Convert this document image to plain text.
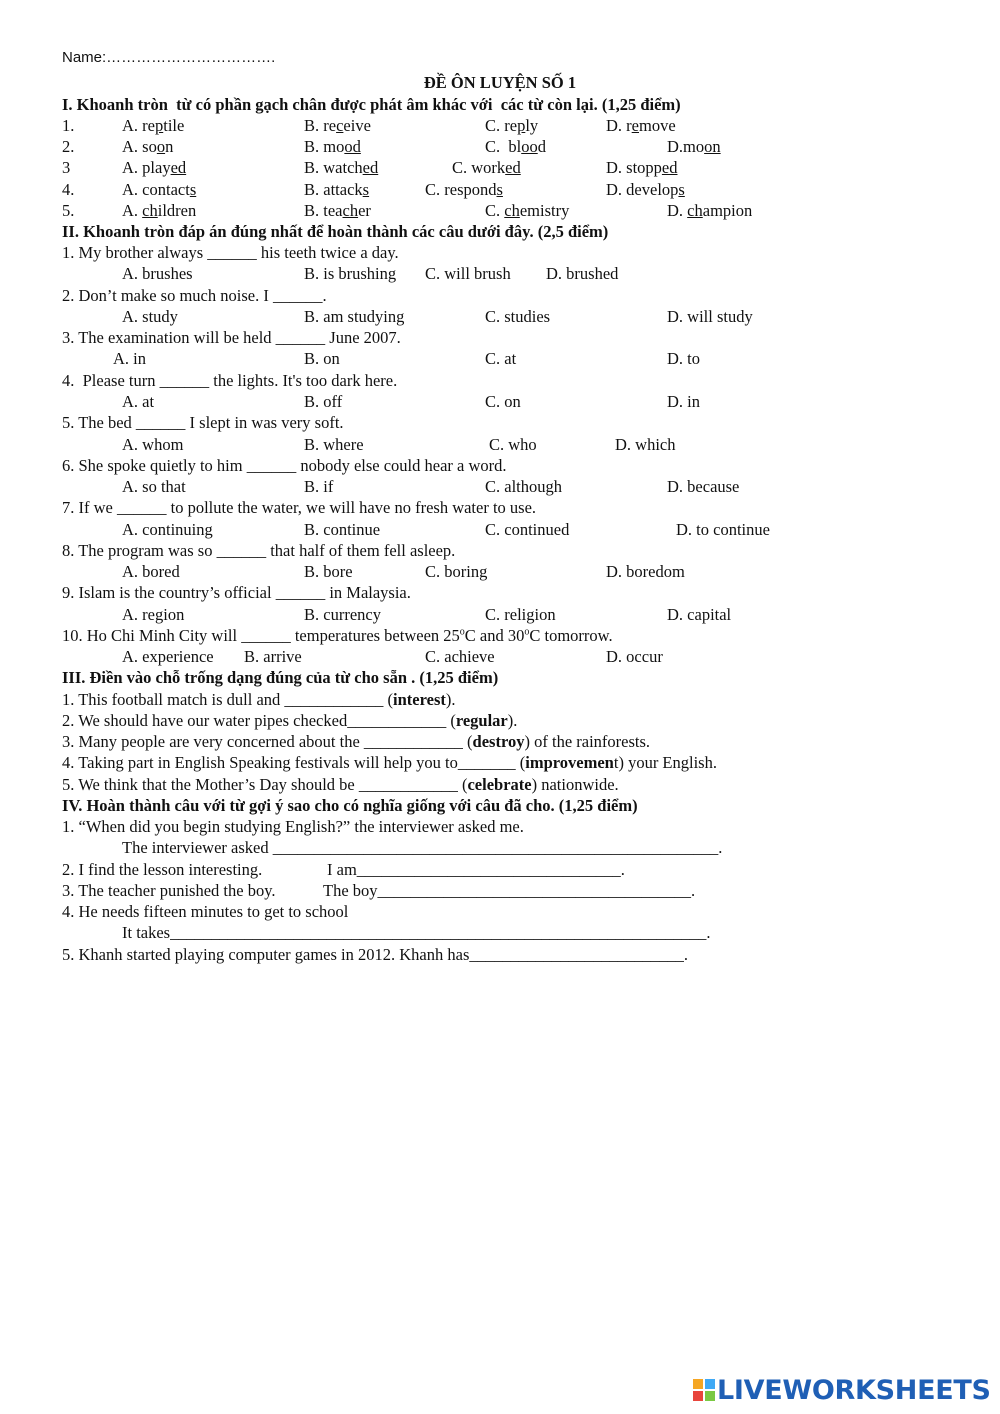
Name:…………………………….
ĐỀ ÔN LUYỆN SỐ 1
I. Khoanh tròn  từ có phần gạch chân được phát âm khác với  các từ còn lại. (1,25 điểm)
1.	A. reptile	B. receive	C. reply	D. remove
2.	A. soon	B. mood	C.  blood	D.moon
3	A. played	B. watched	C. worked	D. stopped
4.	A. contacts	B. attacks	C. responds	D. develops
5.	A. children	B. teacher	C. chemistry	D. champion
II. Khoanh tròn đáp án đúng nhất để hoàn thành các câu dưới đây. (2,5 điểm)
1. My brother always ______ his teeth twice a day.
A. brushes	B. is brushing C. will brush D. brushed
2. Don’t make so much noise. I ______.
A. study	B. am studying	C. studies	D. will study
3. The examination will be held ______ June 2007.
A. in	B. on	C. at	D. to
4.  Please turn ______ the lights. It's too dark here.
A. at	B. off	C. on	D. in
5. The bed ______ I slept in was very soft.
A. whom	B. where	C. who	D. which
6. She spoke quietly to him ______ nobody else could hear a word.
A. so that	B. if	C. although	D. because
7. If we ______ to pollute the water, we will have no fresh water to use.
A. continuing	B. continue	C. continued	D. to continue
8. The program was so ______ that half of them fell asleep.
A. bored	B. bore	C. boring	D. boredom
9. Islam is the country’s official ______ in Malaysia.
A. region	B. currency	C. religion	D. capital
10. Ho Chi Minh City will ______ temperatures between 25$^o$C and 30$^o$C tomorrow.
A. experience B. arrive	C. achieve	D. occur
III. Điền vào chỗ trống dạng đúng của từ cho sẵn . (1,25 điểm)
1. This football match is dull and ____________ (interest).
2. We should have our water pipes checked____________ (regular).
3. Many people are very concerned about the ____________ (destroy) of the rainforests.
4. Taking part in English Speaking festivals will help you to_______ (improvement) your English.
5. We think that the Mother’s Day should be ____________ (celebrate) nationwide.
IV. Hoàn thành câu với từ gợi ý sao cho có nghĩa giống với câu đã cho. (1,25 điểm)
1. “When did you begin studying English?” the interviewer asked me.
The interviewer asked ______________________________________________________.
2. I find the lesson interesting.	I am________________________________.
3. The teacher punished the boy.	The boy______________________________________.
4. He needs fifteen minutes to get to school
It takes_________________________________________________________________.
5. Khanh started playing computer games in 2012. Khanh has__________________________.
LIVEWORKSHEETS
